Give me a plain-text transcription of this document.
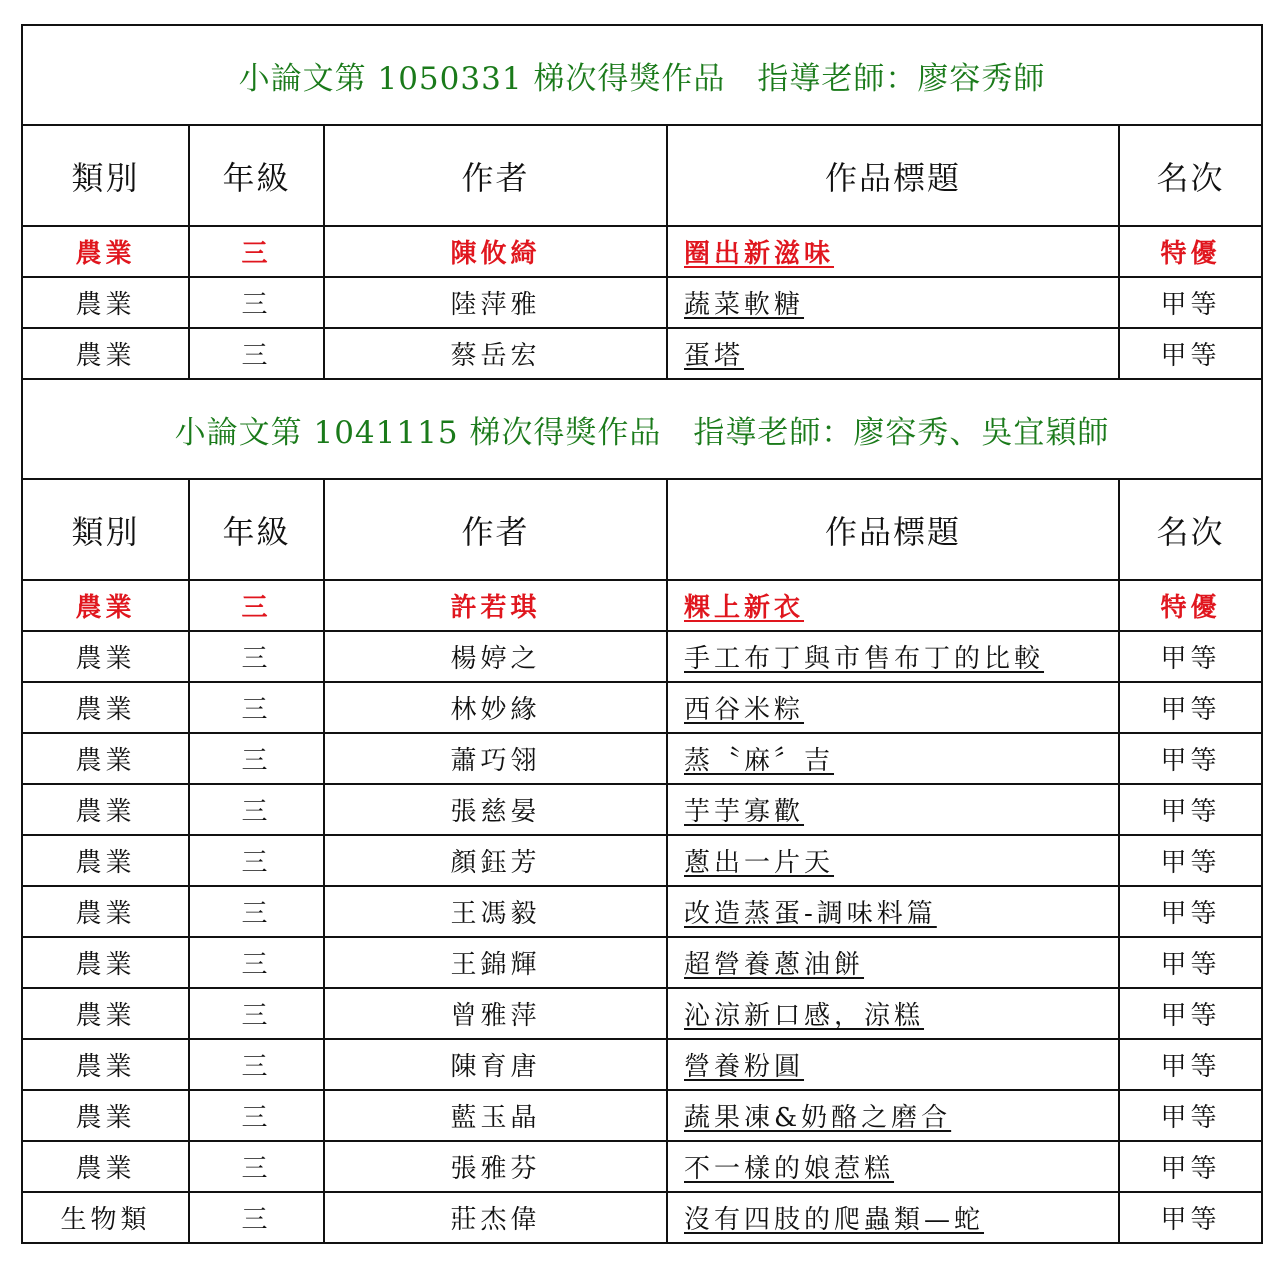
小論文第 1050331 梯次得獎作品　指導老師：廖容秀師				
類別	年級	作者	作品標題	名次
農業	三	陳攸綺	圈出新滋味	特優
農業	三	陸萍雅	蔬菜軟糖	甲等
農業	三	蔡岳宏	蛋塔	甲等
小論文第 1041115 梯次得獎作品　指導老師：廖容秀、吳宜穎師				
類別	年級	作者	作品標題	名次
農業	三	許若琪	粿上新衣	特優
農業	三	楊婷之	手工布丁與市售布丁的比較	甲等
農業	三	林妙緣	西谷米粽	甲等
農業	三	蕭巧翎	蒸〝麻〞吉	甲等
農業	三	張慈晏	芋芋寡歡	甲等
農業	三	顏鈺芳	蔥出一片天	甲等
農業	三	王馮毅	改造蒸蛋-調味料篇	甲等
農業	三	王錦輝	超營養蔥油餅	甲等
農業	三	曾雅萍	沁涼新口感，涼糕	甲等
農業	三	陳育唐	營養粉圓	甲等
農業	三	藍玉晶	蔬果凍&奶酪之磨合	甲等
農業	三	張雅芬	不一樣的娘惹糕	甲等
生物類	三	莊杰偉	沒有四肢的爬蟲類—蛇	甲等
